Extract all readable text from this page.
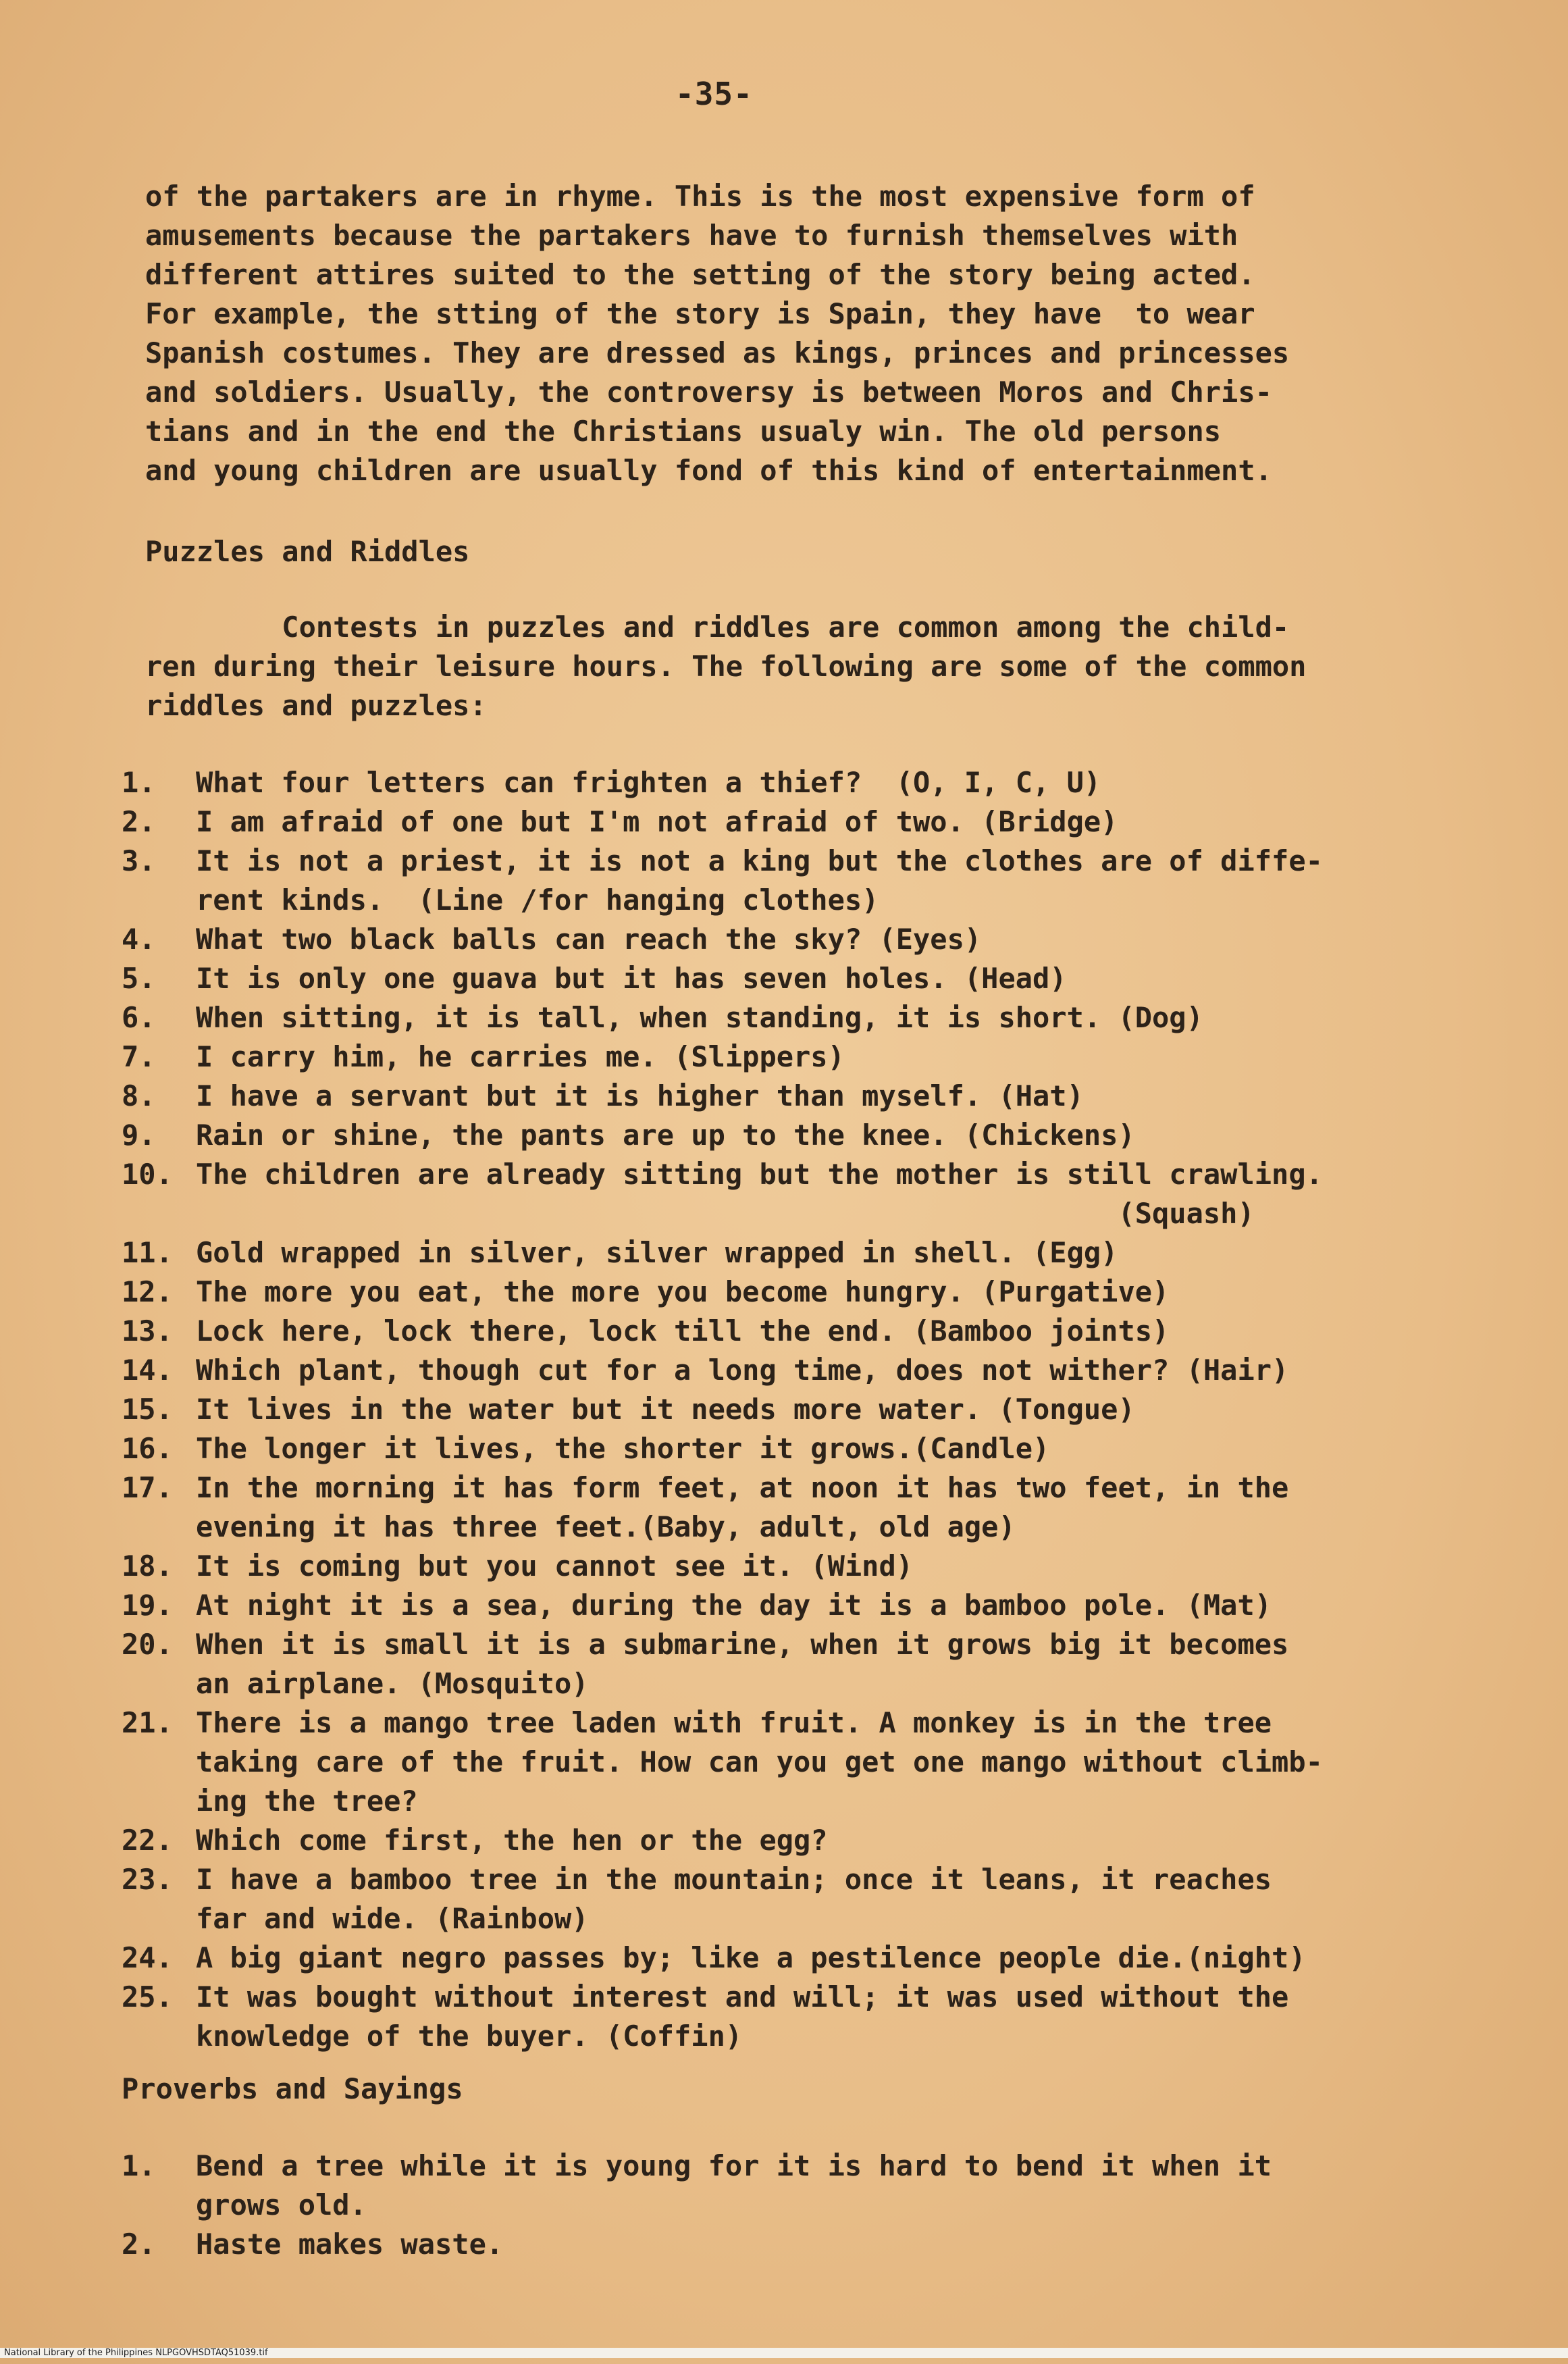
-35-
of the partakers are in rhyme. This is the most expensive form of
amusements because the partakers have to furnish themselves with
different attires suited to the setting of the story being acted.
For example, the stting of the story is Spain, they have  to wear
Spanish costumes. They are dressed as kings, princes and princesses
and soldiers. Usually, the controversy is between Moros and Chris-
tians and in the end the Christians usualy win. The old persons
and young children are usually fond of this kind of entertainment.
Puzzles and Riddles
Contests in puzzles and riddles are common among the child-
ren during their leisure hours. The following are some of the common
riddles and puzzles:
1.	What four letters can frighten a thief?  (O, I, C, U)
2.	I am afraid of one but I'm not afraid of two. (Bridge)
3.	It is not a priest, it is not a king but the clothes are of diffe-
rent kinds.  (Line /for hanging clothes)
4.	What two black balls can reach the sky? (Eyes)
5.	It is only one guava but it has seven holes. (Head)
6.	When sitting, it is tall, when standing, it is short. (Dog)
7.	I carry him, he carries me. (Slippers)
8.	I have a servant but it is higher than myself. (Hat)
9.	Rain or shine, the pants are up to the knee. (Chickens)
10. The children are already sitting but the mother is still crawling.
(Squash)
11. Gold wrapped in silver, silver wrapped in shell. (Egg)
12. The more you eat, the more you become hungry. (Purgative)
13. Lock here, lock there, lock till the end. (Bamboo joints)
14. Which plant, though cut for a long time, does not wither? (Hair)
15. It lives in the water but it needs more water. (Tongue)
16. The longer it lives, the shorter it grows.(Candle)
17. In the morning it has form feet, at noon it has two feet, in the
evening it has three feet.(Baby, adult, old age)
18. It is coming but you cannot see it. (Wind)
19. At night it is a sea, during the day it is a bamboo pole. (Mat)
20. When it is small it is a submarine, when it grows big it becomes
an airplane. (Mosquito)
21. There is a mango tree laden with fruit. A monkey is in the tree
taking care of the fruit. How can you get one mango without climb-
ing the tree?
22. Which come first, the hen or the egg?
23. I have a bamboo tree in the mountain; once it leans, it reaches
far and wide. (Rainbow)
24. A big giant negro passes by; like a pestilence people die.(night)
25. It was bought without interest and will; it was used without the
knowledge of the buyer. (Coffin)
Proverbs and Sayings
1.	Bend a tree while it is young for it is hard to bend it when it
grows old.
2.	Haste makes waste.
National Library of the Philippines NLPGOVHSDTAQ51039.tif
